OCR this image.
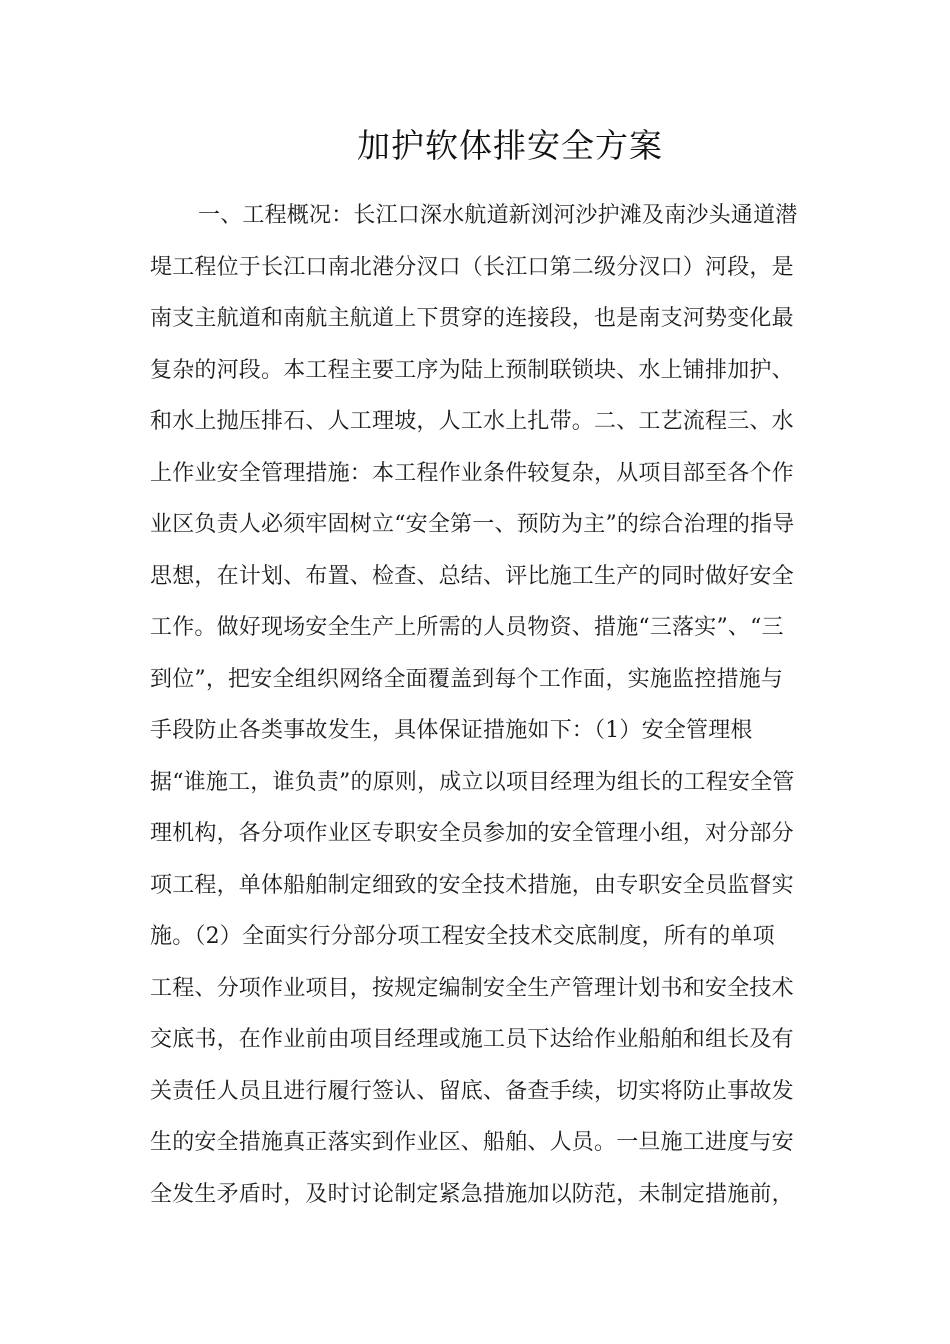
加护软体排安全方案
一、工程概况：长江口深水航道新浏河沙护滩及南沙头通道潜
堤工程位于长江口南北港分汊口（长江口第二级分汊口）河段，是
南支主航道和南航主航道上下贯穿的连接段，也是南支河势变化最
复杂的河段。本工程主要工序为陆上预制联锁块、水上铺排加护、
和水上抛压排石、人工理坡，人工水上扎带。二、工艺流程三、水
上作业安全管理措施：本工程作业条件较复杂，从项目部至各个作
业区负责人必须牢固树立“安全第一、预防为主”的综合治理的指导
思想，在计划、布置、检查、总结、评比施工生产的同时做好安全
工作。做好现场安全生产上所需的人员物资、措施“三落实”、“三
到位”，把安全组织网络全面覆盖到每个工作面，实施监控措施与
手段防止各类事故发生，具体保证措施如下：（1）安全管理根
据“谁施工，谁负责”的原则，成立以项目经理为组长的工程安全管
理机构，各分项作业区专职安全员参加的安全管理小组，对分部分
项工程，单体船舶制定细致的安全技术措施，由专职安全员监督实
施。（2）全面实行分部分项工程安全技术交底制度，所有的单项
工程、分项作业项目，按规定编制安全生产管理计划书和安全技术
交底书，在作业前由项目经理或施工员下达给作业船舶和组长及有
关责任人员且进行履行签认、留底、备查手续，切实将防止事故发
生的安全措施真正落实到作业区、船舶、人员。一旦施工进度与安
全发生矛盾时，及时讨论制定紧急措施加以防范，未制定措施前，
